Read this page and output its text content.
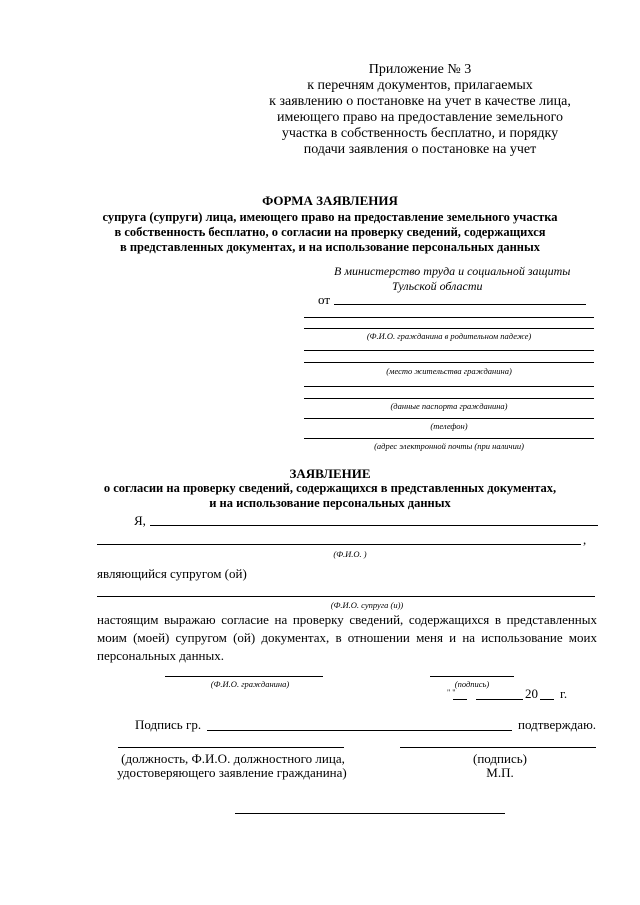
Приложение № 3
к перечням документов, прилагаемых
к заявлению о постановке на учет в качестве лица,
имеющего право на предоставление земельного
участка в собственность бесплатно, и порядку
подачи заявления о постановке на учет
ФОРМА ЗАЯВЛЕНИЯ
супруга (супруги) лица, имеющего право на предоставление земельного участка
в собственность бесплатно, о согласии на проверку сведений, содержащихся
в представленных документах, и на использование персональных данных
В министерство труда и социальной защиты
Тульской области
от
(Ф.И.О. гражданина в родительном падеже)
(место жительства гражданина)
(данные паспорта гражданина)
(телефон)
(адрес электронной почты (при наличии)
ЗАЯВЛЕНИЕ
о согласии на проверку сведений, содержащихся в представленных документах,
и на использование персональных данных
Я,
,
(Ф.И.О. )
являющийся супругом (ой)
(Ф.И.О. супруга (и))
настоящим выражаю согласие на проверку сведений, содержащихся в представленных моим (моей) супругом (ой) документах, в отношении меня и на использование моих персональных данных.
(Ф.И.О. гражданина)	(подпись)
" "	20 г.
Подпись гр.	подтверждаю.
(должность, Ф.И.О. должностного лица,
удостоверяющего заявление гражданина)
(подпись)
М.П.
